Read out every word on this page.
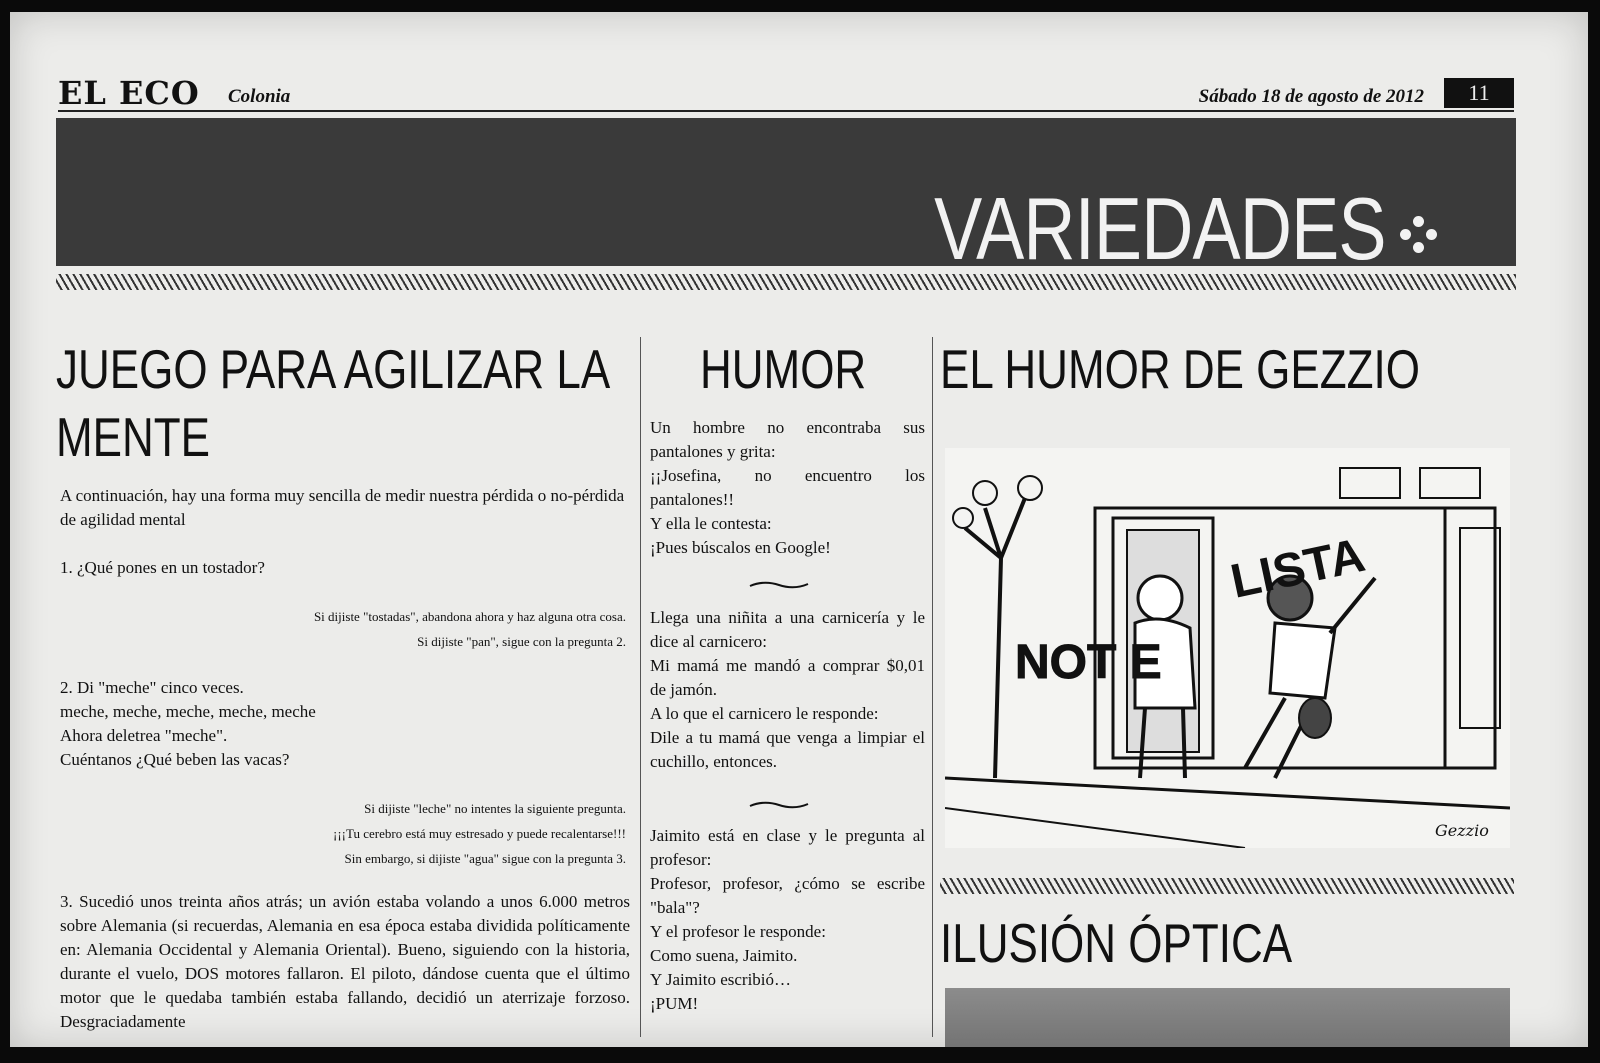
EL ECO Colonia	Sábado 18 de agosto de 2012	11
VARIEDADES
JUEGO PARA AGILIZAR LA
MENTE
A continuación, hay una forma muy sencilla de medir nuestra pérdida o no-pérdida de agilidad mental
1. ¿Qué pones en un tostador?
Si dijiste "tostadas", abandona ahora y haz alguna otra cosa.
Si dijiste "pan", sigue con la pregunta 2.
2. Di "meche" cinco veces.
meche, meche, meche, meche, meche
Ahora deletrea "meche".
Cuéntanos ¿Qué beben las vacas?
Si dijiste "leche" no intentes la siguiente pregunta.
¡¡¡Tu cerebro está muy estresado y puede recalentarse!!!
Sin embargo, si dijiste "agua" sigue con la pregunta 3.
3. Sucedió unos treinta años atrás; un avión estaba volando a unos 6.000 metros sobre Alemania (si recuerdas, Alemania en esa época estaba dividida políticamente en: Alemania Occidental y Alemania Oriental). Bueno, siguiendo con la historia, durante el vuelo, DOS motores fallaron. El piloto, dándose cuenta que el último motor que le quedaba también estaba fallando, decidió un aterrizaje forzoso. Desgraciadamente
HUMOR
Un hombre no encontraba sus pantalones y grita:
¡¡Josefina, no encuentro los pantalones!!
Y ella le contesta:
¡Pues búscalos en Google!
Llega una niñita a una carnicería y le dice al carnicero:
Mi mamá me mandó a comprar $0,01 de jamón.
A lo que el carnicero le responde:
Dile a tu mamá que venga a limpiar el cuchillo, entonces.
Jaimito está en clase y le pregunta al profesor:
Profesor, profesor, ¿cómo se escribe "bala"?
Y el profesor le responde:
Como suena, Jaimito.
Y Jaimito escribió…
¡PUM!
EL HUMOR DE GEZZIO
NOT E
LISTA
Gezzio
ILUSIÓN ÓPTICA
